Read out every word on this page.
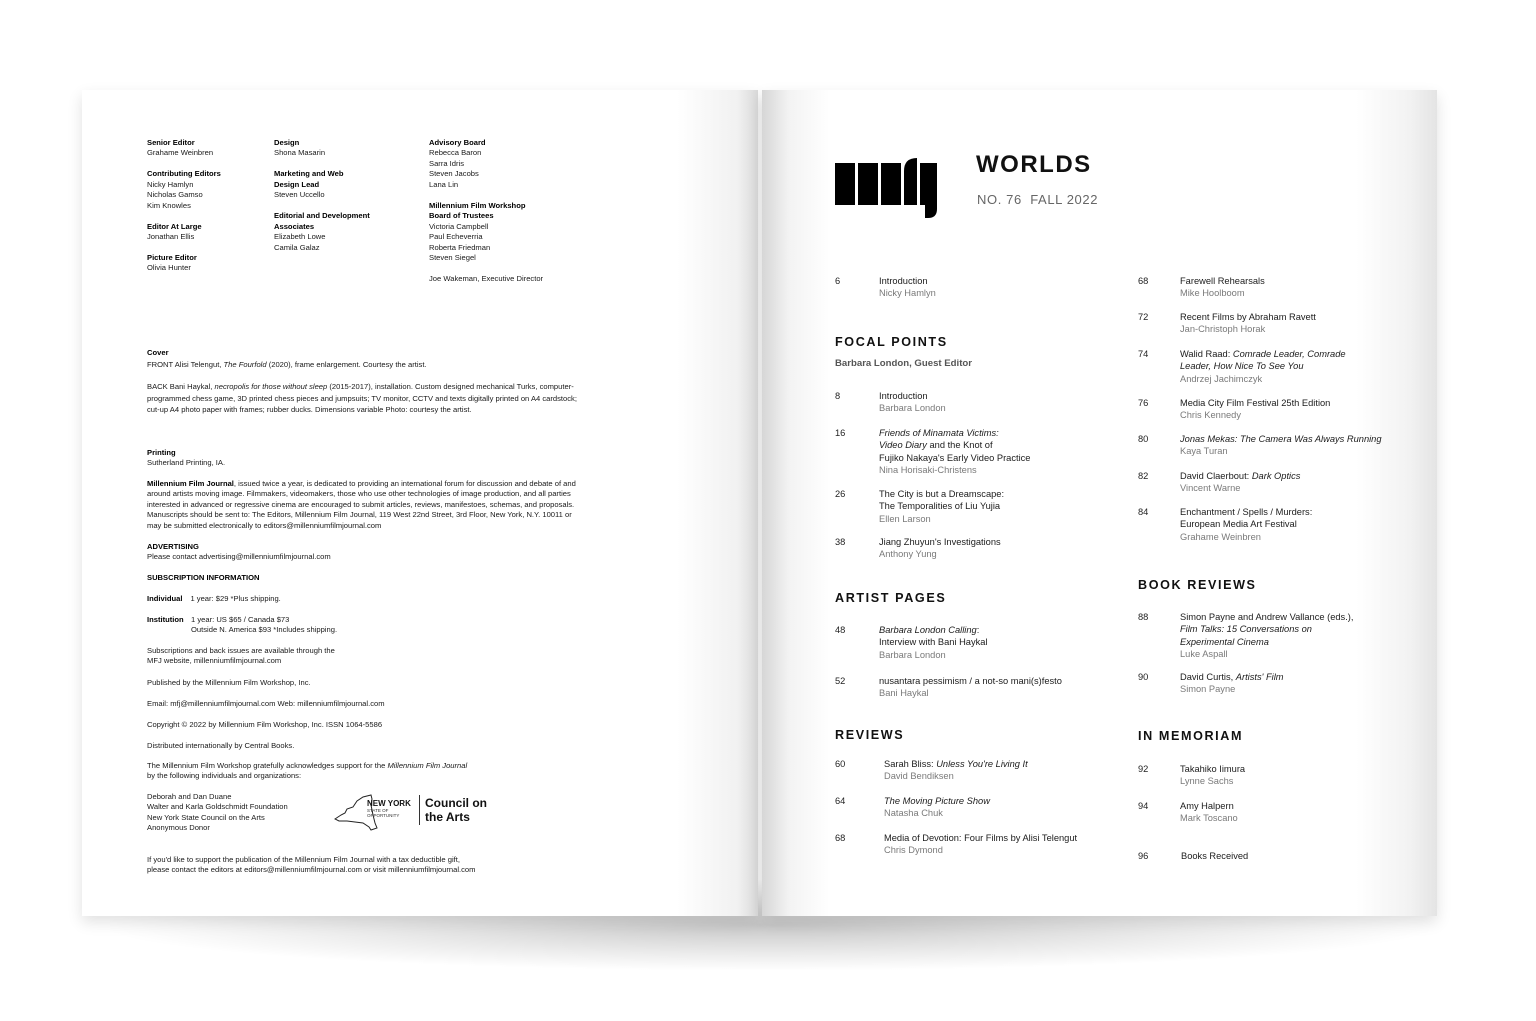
Senior Editor
Grahame Weinbren
Contributing Editors
Nicky Hamlyn
Nicholas Gamso
Kim Knowles
Editor At Large
Jonathan Ellis
Picture Editor
Olivia Hunter
Design
Shona Masarin
Marketing and Web
Design Lead
Steven Uccello
Editorial and Development
Associates
Elizabeth Lowe
Camila Galaz
Advisory Board
Rebecca Baron
Sarra Idris
Steven Jacobs
Lana Lin
Millennium Film Workshop
Board of Trustees
Victoria Campbell
Paul Echeverria
Roberta Friedman
Steven Siegel
Joe Wakeman, Executive Director
Cover
FRONT Alisi Telengut, The Fourfold (2020), frame enlargement. Courtesy the artist.
BACK Bani Haykal, necropolis for those without sleep (2015-2017), installation. Custom designed mechanical Turks, computer-
programmed chess game, 3D printed chess pieces and jumpsuits; TV monitor, CCTV and texts digitally printed on A4 cardstock;
cut-up A4 photo paper with frames; rubber ducks. Dimensions variable Photo: courtesy the artist.
Printing
Sutherland Printing, IA.
Millennium Film Journal, issued twice a year, is dedicated to providing an international forum for discussion and debate of and
around artists moving image. Filmmakers, videomakers, those who use other technologies of image production, and all parties
interested in advanced or regressive cinema are encouraged to submit articles, reviews, manifestoes, schemas, and proposals.
Manuscripts should be sent to: The Editors, Millennium Film Journal, 119 West 22nd Street, 3rd Floor, New York, N.Y. 10011 or
may be submitted electronically to editors@millenniumfilmjournal.com
ADVERTISING
Please contact advertising@millenniumfilmjournal.com
SUBSCRIPTION INFORMATION
Individual 1 year: $29 *Plus shipping.
Institution 1 year: US $65 / Canada $73
Outside N. America $93 *Includes shipping.
Subscriptions and back issues are available through the
MFJ website, millenniumfilmjournal.com
Published by the Millennium Film Workshop, Inc.
Email: mfj@millenniumfilmjournal.com Web: millenniumfilmjournal.com
Copyright © 2022 by Millennium Film Workshop, Inc. ISSN 1064-5586
Distributed internationally by Central Books.
The Millennium Film Workshop gratefully acknowledges support for the Millennium Film Journal
by the following individuals and organizations:
Deborah and Dan Duane
Walter and Karla Goldschmidt Foundation
New York State Council on the Arts
Anonymous Donor
If you'd like to support the publication of the Millennium Film Journal with a tax deductible gift,
please contact the editors at editors@millenniumfilmjournal.com or visit millenniumfilmjournal.com
NEW YORK
STATE OF
OPPORTUNITY
Council on
the Arts
WORLDS
NO. 76 FALL 2022
6	Introduction
Nicky Hamlyn
FOCAL POINTS
Barbara London, Guest Editor
8	Introduction
Barbara London
16	Friends of Minamata Victims:
Video Diary and the Knot of
Fujiko Nakaya's Early Video Practice
Nina Horisaki-Christens
26	The City is but a Dreamscape:
The Temporalities of Liu Yujia
Ellen Larson
38	Jiang Zhuyun's Investigations
Anthony Yung
ARTIST PAGES
48	Barbara London Calling:
Interview with Bani Haykal
Barbara London
52	nusantara pessimism / a not-so mani(s)festo
Bani Haykal
REVIEWS
60	Sarah Bliss: Unless You're Living It
David Bendiksen
64	The Moving Picture Show
Natasha Chuk
68	Media of Devotion: Four Films by Alisi Telengut
Chris Dymond
68	Farewell Rehearsals
Mike Hoolboom
72	Recent Films by Abraham Ravett
Jan-Christoph Horak
74	Walid Raad: Comrade Leader, Comrade
Leader, How Nice To See You
Andrzej Jachimczyk
76	Media City Film Festival 25th Edition
Chris Kennedy
80	Jonas Mekas: The Camera Was Always Running
Kaya Turan
82	David Claerbout: Dark Optics
Vincent Warne
84	Enchantment / Spells / Murders:
European Media Art Festival
Grahame Weinbren
BOOK REVIEWS
88	Simon Payne and Andrew Vallance (eds.),
Film Talks: 15 Conversations on
Experimental Cinema
Luke Aspall
90	David Curtis, Artists' Film
Simon Payne
IN MEMORIAM
92	Takahiko Iimura
Lynne Sachs
94	Amy Halpern
Mark Toscano
96	Books Received
